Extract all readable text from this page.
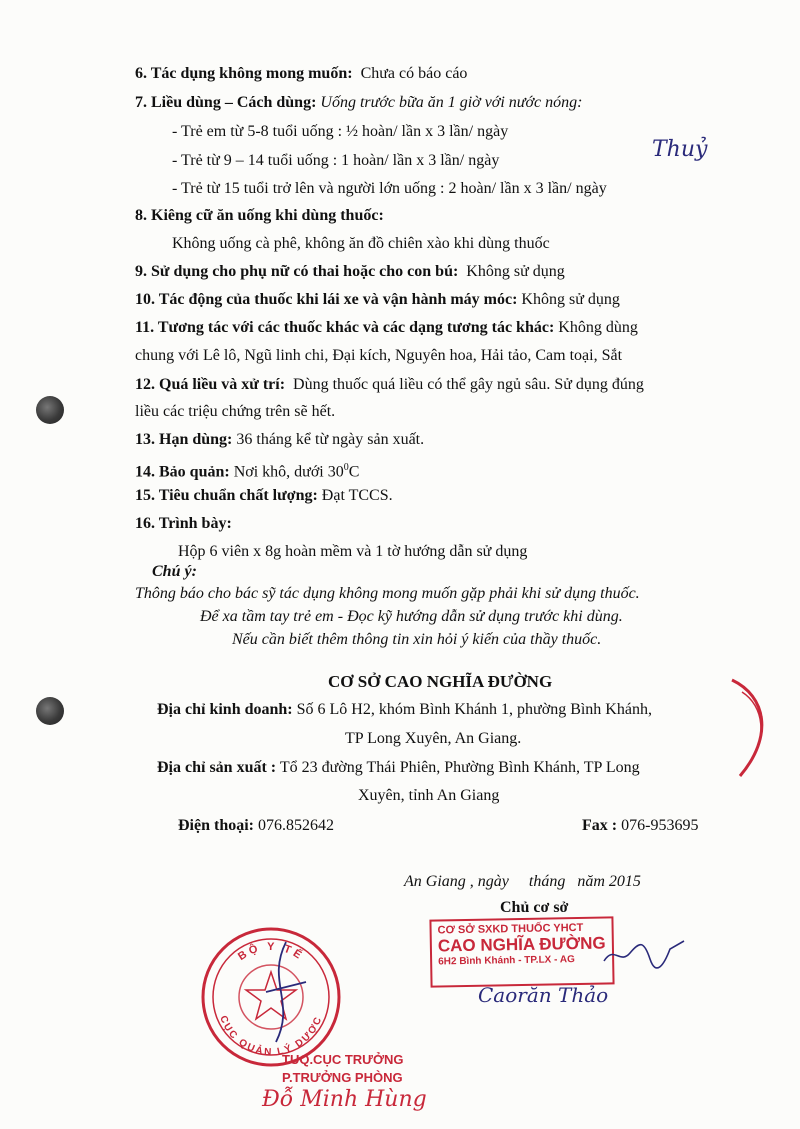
6. Tác dụng không mong muốn: Chưa có báo cáo
7. Liều dùng – Cách dùng: Uống trước bữa ăn 1 giờ với nước nóng:
- Trẻ em từ 5-8 tuổi uống : ½ hoàn/ lần x 3 lần/ ngày
- Trẻ từ 9 – 14 tuổi uống : 1 hoàn/ lần x 3 lần/ ngày
- Trẻ từ 15 tuổi trở lên và người lớn uống : 2 hoàn/ lần x 3 lần/ ngày
Thuỷ
8. Kiêng cữ ăn uống khi dùng thuốc:
Không uống cà phê, không ăn đồ chiên xào khi dùng thuốc
9. Sử dụng cho phụ nữ có thai hoặc cho con bú: Không sử dụng
10. Tác động của thuốc khi lái xe và vận hành máy móc: Không sử dụng
11. Tương tác với các thuốc khác và các dạng tương tác khác: Không dùng
chung với Lê lô, Ngũ linh chi, Đại kích, Nguyên hoa, Hải tảo, Cam toại, Sắt
12. Quá liều và xử trí: Dùng thuốc quá liều có thể gây ngủ sâu. Sử dụng đúng
liều các triệu chứng trên sẽ hết.
13. Hạn dùng: 36 tháng kể từ ngày sản xuất.
14. Bảo quản: Nơi khô, dưới $30^0C$
15. Tiêu chuẩn chất lượng: Đạt TCCS.
16. Trình bày:
Hộp 6 viên x 8g hoàn mềm và 1 tờ hướng dẫn sử dụng
Chú ý:
Thông báo cho bác sỹ tác dụng không mong muốn gặp phải khi sử dụng thuốc.
Để xa tầm tay trẻ em - Đọc kỹ hướng dẫn sử dụng trước khi dùng.
Nếu cần biết thêm thông tin xin hỏi ý kiến của thầy thuốc.
CƠ SỞ CAO NGHĨA ĐƯỜNG
Địa chỉ kinh doanh: Số 6 Lô H2, khóm Bình Khánh 1, phường Bình Khánh,
TP Long Xuyên, An Giang.
Địa chỉ sản xuất : Tổ 23 đường Thái Phiên, Phường Bình Khánh, TP Long
Xuyên, tỉnh An Giang
Điện thoại: 076.852642	Fax : 076-953695
An Giang , ngày     tháng   năm 2015
Chủ cơ sở
CƠ SỞ SXKD THUỐC YHCT
CAO NGHĨA ĐƯỜNG
6H2 Bình Khánh - TP.LX - AG
Caorăn Thảo
BỘ Y TẾ
CỤC QUẢN LÝ DƯỢC
TUQ.CỤC TRƯỞNG
P.TRƯỞNG PHÒNG
Đỗ Minh Hùng
